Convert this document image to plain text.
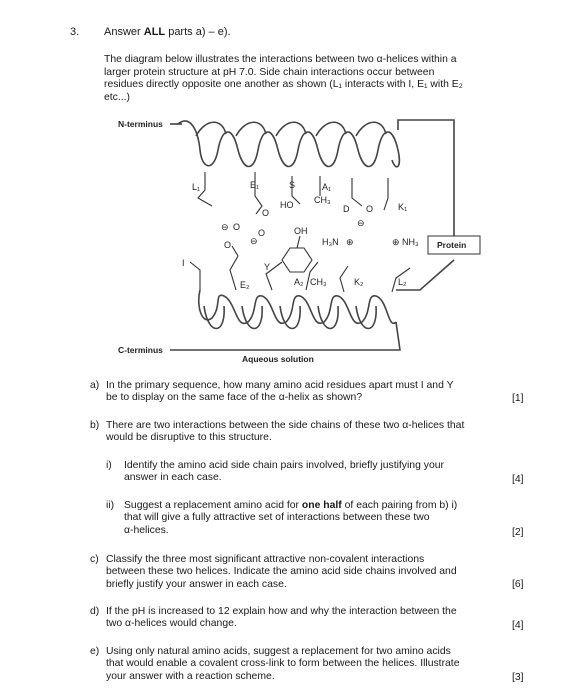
3. Answer ALL parts a) – e).
The diagram below illustrates the interactions between two α-helices within a
larger protein structure at pH 7.0. Side chain interactions occur between
residues directly opposite one another as shown (L₁ interacts with I, E₁ with E₂
etc...)
N-terminus
C-terminus
Aqueous solution
Protein
L₁	E₁	S
HO
A₁
CH₃
D O
⊖
K₁
OH
H₃N ⊕	⊕ NH₃
⊖ O
O
O ⊖
O
I
E₂
Y
A₂ CH₃	K₂	L₂
a) In the primary sequence, how many amino acid residues apart must I and Y
be to display on the same face of the α-helix as shown?	[1]
b) There are two interactions between the side chains of these two α-helices that
would be disruptive to this structure.
i) Identify the amino acid side chain pairs involved, briefly justifying your
answer in each case.	[4]
ii) Suggest a replacement amino acid for one half of each pairing from b) i)
that will give a fully attractive set of interactions between these two
α-helices.	[2]
c) Classify the three most significant attractive non-covalent interactions
between these two helices. Indicate the amino acid side chains involved and
briefly justify your answer in each case.	[6]
d) If the pH is increased to 12 explain how and why the interaction between the
two α-helices would change.	[4]
e) Using only natural amino acids, suggest a replacement for two amino acids
that would enable a covalent cross-link to form between the helices. Illustrate
your answer with a reaction scheme.	[3]
